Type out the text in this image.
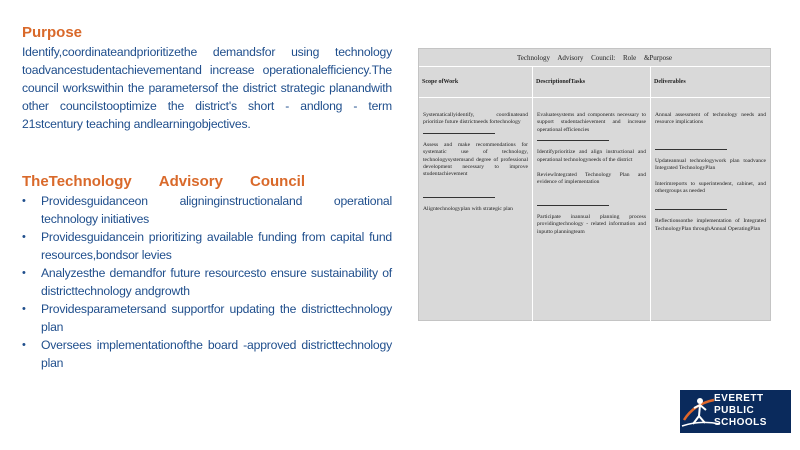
Purpose

Identify,coordinateandprioritizethe demandsfor using technology toadvancestudentachievementand increase operationalefficiency.The council workswithin the parametersof the district strategic planandwith other counciIstooptimize the district's short - andlong - term 21stcentury teaching andlearningobjectives.

TheTechnology Advisory Council
• Providesguidanceon aligninginstructionaland operational technology initiatives
• Providesguidancein prioritizing available funding from capital fund resources,bondsor levies
• Analyzesthe demandfor future resourcesto ensure sustainability of districttechnology andgrowth
• Providesparametersand supportfor updating the districttechnology plan
• Oversees implementationofthe board -approved districttechnology plan
Technology Advisory Council: Role &Purpose
Scope ofWork	DescriptionofTasks	Deliverables
Systematicallyidentify, coordinateand prioritize future districtneeds fortechnology
Assess and make recommendations for systematic use of technology, technologysystemsand degree of professional development necessary to improve studentachievement
Aligntechnologyplan with strategic plan
Evaluatesystems and components necessary to support studentachievement and increase operational efficiencies
Identifyprioritize and align instructional and operational technologyneeds of the district
ReviewIntegrated Technology Plan and evidence of implementation
Participate inannual planning process providingtechnology - related information and inputto planningteam
Annual assessment of technology needs and resource implications
Updateannual technologywork plan toadvance Integrated TechnologyPlan
Interimreports to superintendent, cabinet, and othergroups as needed
Reflectionsonthe implementation of Integrated TechnologyPlan throughAnnual OperatingPlan
EVERETT
PUBLIC
SCHOOLS
